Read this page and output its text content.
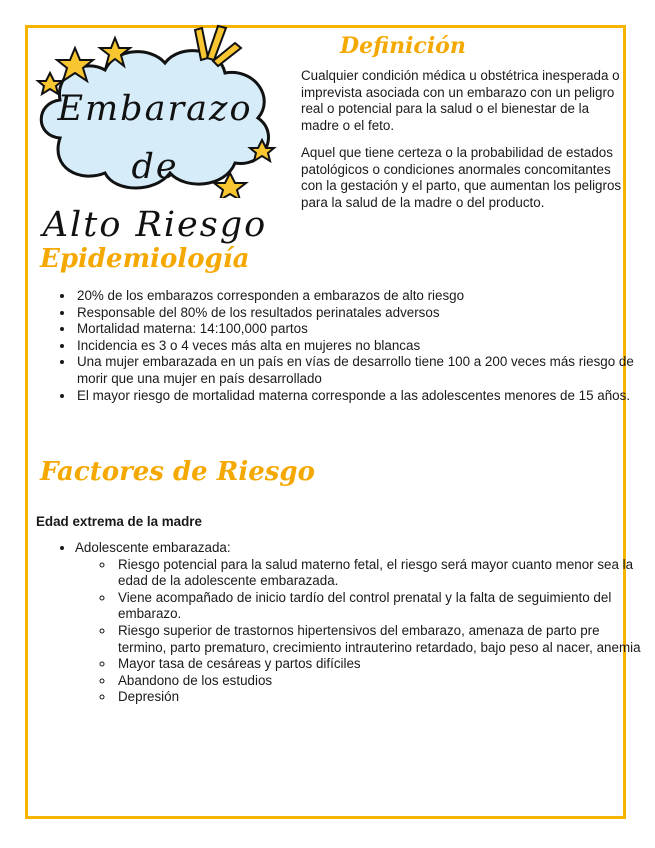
Embarazo de
Alto Riesgo
Definición

Cualquier condición médica u obstétrica inesperada o imprevista asociada con un embarazo con un peligro real o potencial para la salud o el bienestar de la madre o el feto.

Aquel que tiene certeza o la probabilidad de estados patológicos o condiciones anormales concomitantes con la gestación y el parto, que aumentan los peligros para la salud de la madre o del producto.

Epidemiología
• 20% de los embarazos corresponden a embarazos de alto riesgo
• Responsable del 80% de los resultados perinatales adversos
• Mortalidad materna: 14:100,000 partos
• Incidencia es 3 o 4 veces más alta en mujeres no blancas
• Una mujer embarazada en un país en vías de desarrollo tiene 100 a 200 veces más riesgo de morir que una mujer en país desarrollado
• El mayor riesgo de mortalidad materna corresponde a las adolescentes menores de 15 años.
Factores de Riesgo

Edad extrema de la madre

• Adolescente embarazada:
◦ Riesgo potencial para la salud materno fetal, el riesgo será mayor cuanto menor sea la edad de la adolescente embarazada.
◦ Viene acompañado de inicio tardío del control prenatal y la falta de seguimiento del embarazo.
◦ Riesgo superior de trastornos hipertensivos del embarazo, amenaza de parto pre termino, parto prematuro, crecimiento intrauterino retardado, bajo peso al nacer, anemia
◦ Mayor tasa de cesáreas y partos difíciles
◦ Abandono de los estudios
◦ Depresión
